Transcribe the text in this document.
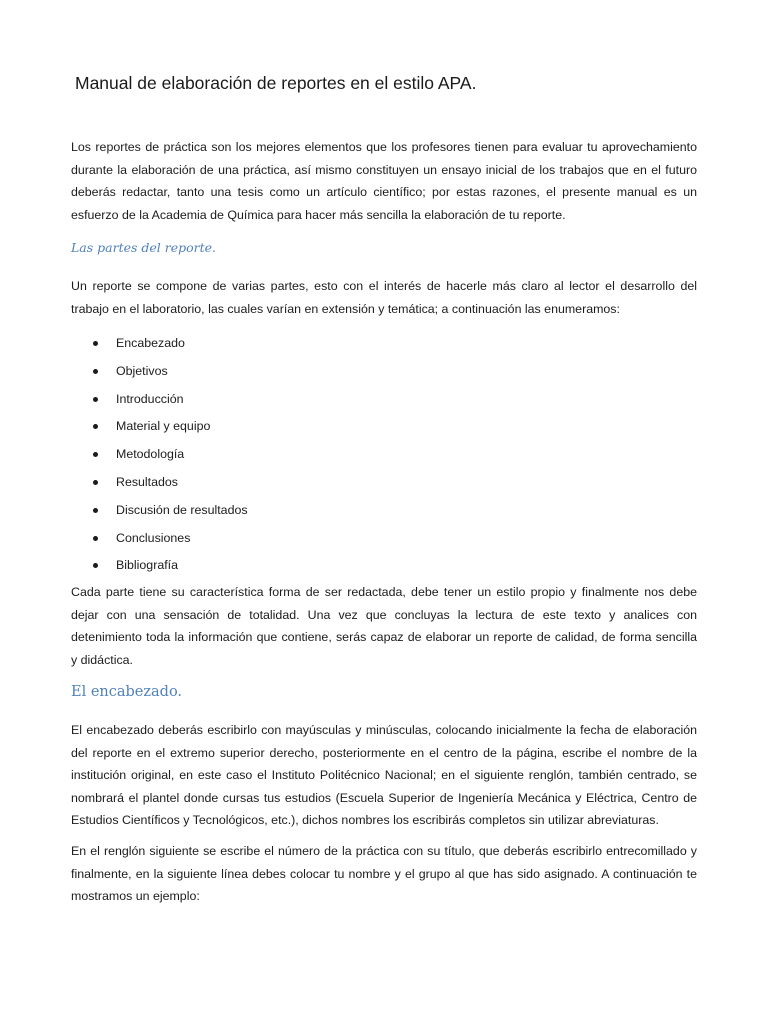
Manual de elaboración de reportes en el estilo APA.
Los reportes de práctica son los mejores elementos que los profesores tienen para evaluar tu aprovechamiento
durante la elaboración de una práctica, así mismo constituyen un ensayo inicial de los trabajos que en el futuro
deberás redactar, tanto una tesis como un artículo científico; por estas razones, el presente manual es un
esfuerzo de la Academia de Química para hacer más sencilla la elaboración de tu reporte.
Las partes del reporte.
Un reporte se compone de varias partes, esto con el interés de hacerle más claro al lector el desarrollo del
trabajo en el laboratorio, las cuales varían en extensión y temática; a continuación las enumeramos:
Encabezado
Objetivos
Introducción
Material y equipo
Metodología
Resultados
Discusión de resultados
Conclusiones
Bibliografía
Cada parte tiene su característica forma de ser redactada, debe tener un estilo propio y finalmente nos debe
dejar con una sensación de totalidad. Una vez que concluyas la lectura de este texto y analices con
detenimiento toda la información que contiene, serás capaz de elaborar un reporte de calidad, de forma sencilla
y didáctica.
El encabezado.
El encabezado deberás escribirlo con mayúsculas y minúsculas, colocando inicialmente la fecha de elaboración
del reporte en el extremo superior derecho, posteriormente en el centro de la página, escribe el nombre de la
institución original, en este caso el Instituto Politécnico Nacional; en el siguiente renglón, también centrado, se
nombrará el plantel donde cursas tus estudios (Escuela Superior de Ingeniería Mecánica y Eléctrica, Centro de
Estudios Científicos y Tecnológicos, etc.), dichos nombres los escribirás completos sin utilizar abreviaturas.
En el renglón siguiente se escribe el número de la práctica con su título, que deberás escribirlo entrecomillado y
finalmente, en la siguiente línea debes colocar tu nombre y el grupo al que has sido asignado. A continuación te
mostramos un ejemplo:
